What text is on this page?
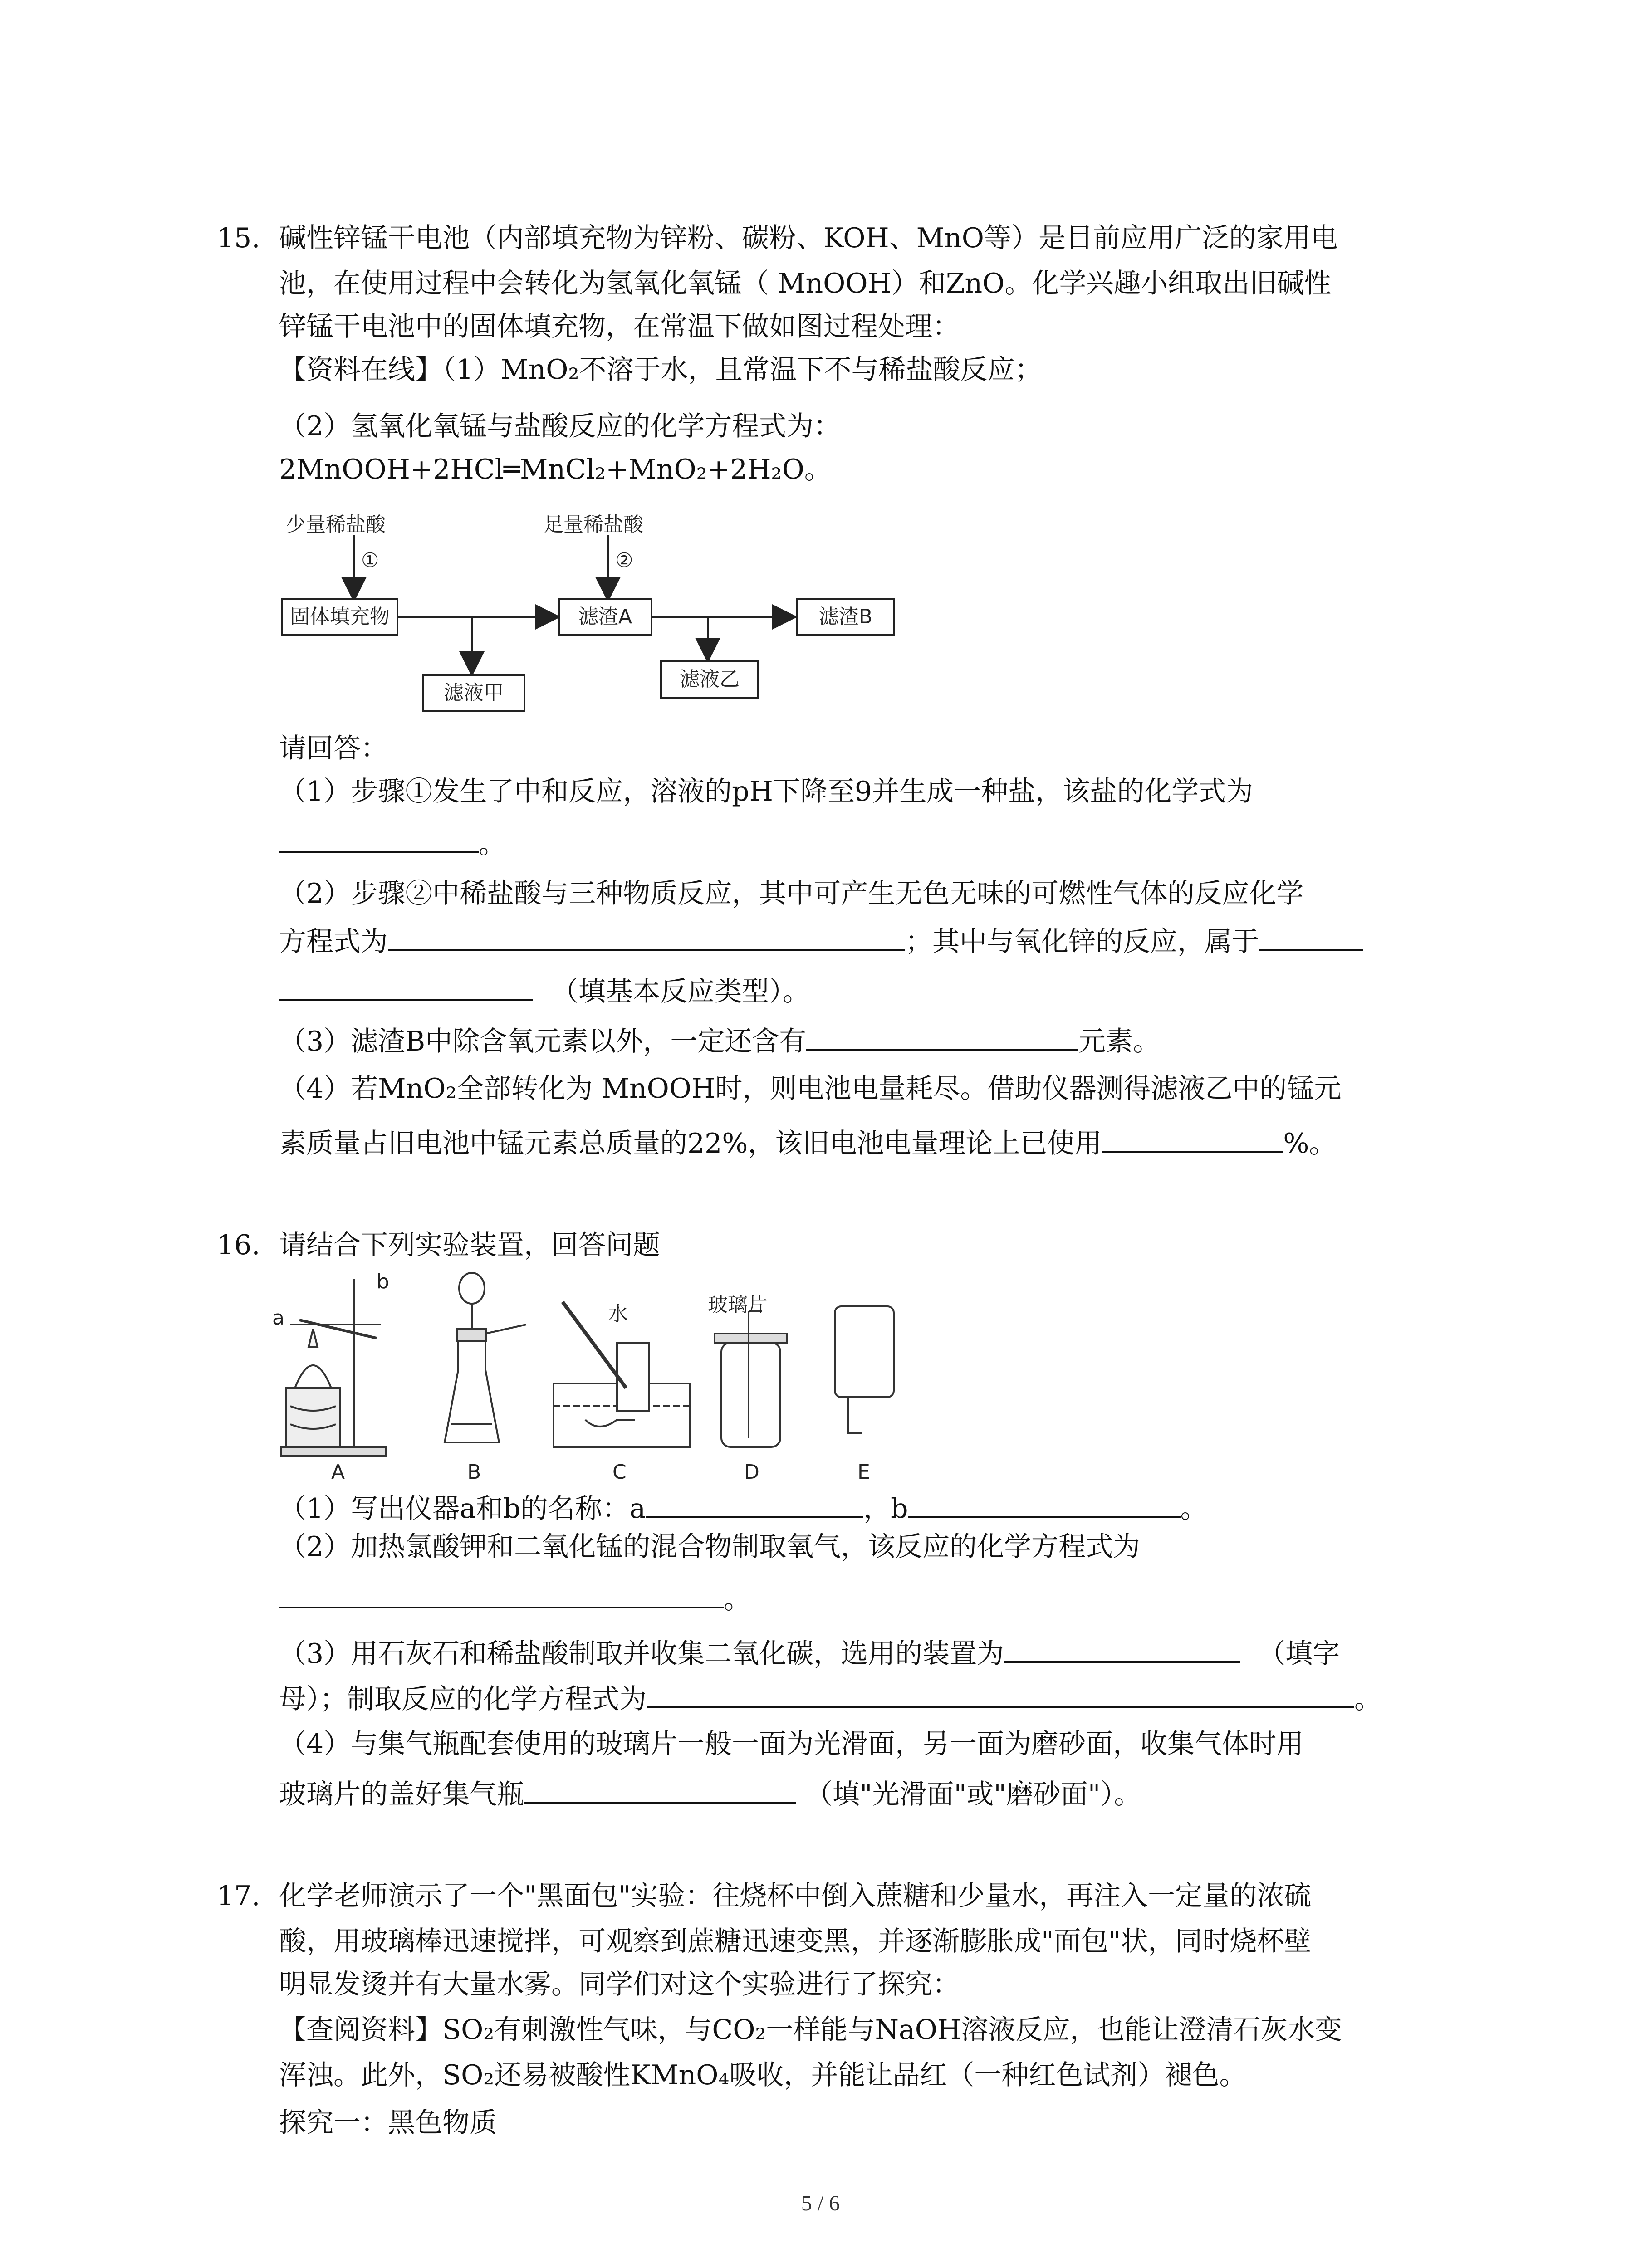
15. 碱性锌锰干电池（内部填充物为锌粉、碳粉、KOH、MnO等）是目前应用广泛的家用电
池，在使用过程中会转化为氢氧化氧锰（ MnOOH）和ZnO。化学兴趣小组取出旧碱性
锌锰干电池中的固体填充物，在常温下做如图过程处理：
【资料在线】（1）MnO₂不溶于水，且常温下不与稀盐酸反应；
（2）氢氧化氧锰与盐酸反应的化学方程式为：
2MnOOH+2HCl═MnCl₂+MnO₂+2H₂O。
少量稀盐酸
①
足量稀盐酸
②
固体填充物	滤渣A	滤渣B
滤液甲
滤液乙
请回答：
（1）步骤①发生了中和反应，溶液的pH下降至9并生成一种盐，该盐的化学式为
。
（2）步骤②中稀盐酸与三种物质反应，其中可产生无色无味的可燃性气体的反应化学
方程式为	；其中与氧化锌的反应，属于
（填基本反应类型）。
（3）滤渣B中除含氧元素以外，一定还含有	元素。
（4）若MnO₂全部转化为 MnOOH时，则电池电量耗尽。借助仪器测得滤液乙中的锰元
素质量占旧电池中锰元素总质量的22%，该旧电池电量理论上已使用	%。
16. 请结合下列实验装置，回答问题
a
b
水	玻璃片
A	B	C	D	E
（1）写出仪器a和b的名称：a	，b	。
（2）加热氯酸钾和二氧化锰的混合物制取氧气，该反应的化学方程式为
。
（3）用石灰石和稀盐酸制取并收集二氧化碳，选用的装置为	（填字
母）；制取反应的化学方程式为	。
（4）与集气瓶配套使用的玻璃片一般一面为光滑面，另一面为磨砂面，收集气体时用
玻璃片的盖好集气瓶	（填"光滑面"或"磨砂面"）。
17. 化学老师演示了一个"黑面包"实验：往烧杯中倒入蔗糖和少量水，再注入一定量的浓硫
酸，用玻璃棒迅速搅拌，可观察到蔗糖迅速变黑，并逐渐膨胀成"面包"状，同时烧杯壁
明显发烫并有大量水雾。同学们对这个实验进行了探究：
【查阅资料】SO₂有刺激性气味，与CO₂一样能与NaOH溶液反应，也能让澄清石灰水变
浑浊。此外，SO₂还易被酸性KMnO₄吸收，并能让品红（一种红色试剂）褪色。
探究一：黑色物质
5 / 6
